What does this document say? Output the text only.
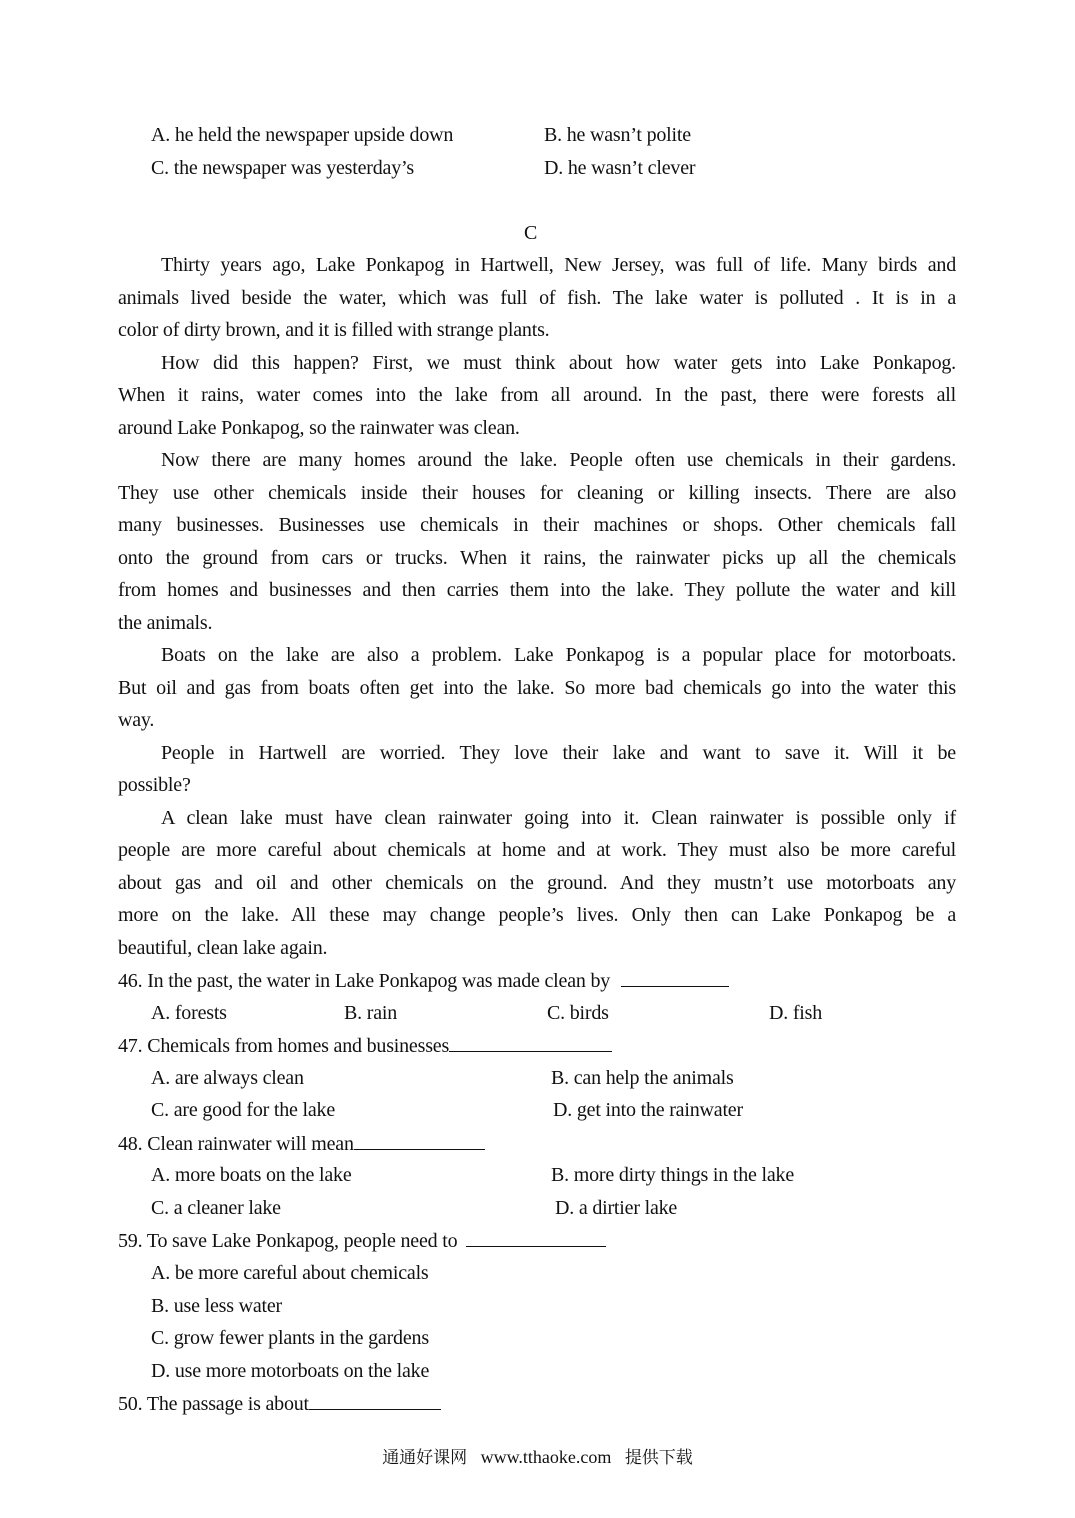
A. he held the newspaper upside down	B. he wasn’t polite
C. the newspaper was yesterday’s	D. he wasn’t clever
C
Thirty years ago, Lake Ponkapog in Hartwell, New Jersey, was full of life. Many birds and
animals lived beside the water, which was full of fish. The lake water is polluted . It is in a
color of dirty brown, and it is filled with strange plants.
How did this happen? First, we must think about how water gets into Lake Ponkapog.
When it rains, water comes into the lake from all around. In the past, there were forests all
around Lake Ponkapog, so the rainwater was clean.
Now there are many homes around the lake. People often use chemicals in their gardens.
They use other chemicals inside their houses for cleaning or killing insects. There are also
many businesses. Businesses use chemicals in their machines or shops. Other chemicals fall
onto the ground from cars or trucks. When it rains, the rainwater picks up all the chemicals
from homes and businesses and then carries them into the lake. They pollute the water and kill
the animals.
Boats on the lake are also a problem. Lake Ponkapog is a popular place for motorboats.
But oil and gas from boats often get into the lake. So more bad chemicals go into the water this
way.
People in Hartwell are worried. They love their lake and want to save it. Will it be
possible?
A clean lake must have clean rainwater going into it. Clean rainwater is possible only if
people are more careful about chemicals at home and at work. They must also be more careful
about gas and oil and other chemicals on the ground. And they mustn’t use motorboats any
more on the lake. All these may change people’s lives. Only then can Lake Ponkapog be a
beautiful, clean lake again.
46. In the past, the water in Lake Ponkapog was made clean by
A. forests	B. rain	C. birds	D. fish
47. Chemicals from homes and businesses
A. are always clean	B. can help the animals
C. are good for the lake	D. get into the rainwater
48. Clean rainwater will mean
A. more boats on the lake	B. more dirty things in the lake
C. a cleaner lake	D. a dirtier lake
59. To save Lake Ponkapog, people need to
A. be more careful about chemicals
B. use less water
C. grow fewer plants in the gardens
D. use more motorboats on the lake
50. The passage is about
通通好课网 www.tthaoke.com 提供下载
